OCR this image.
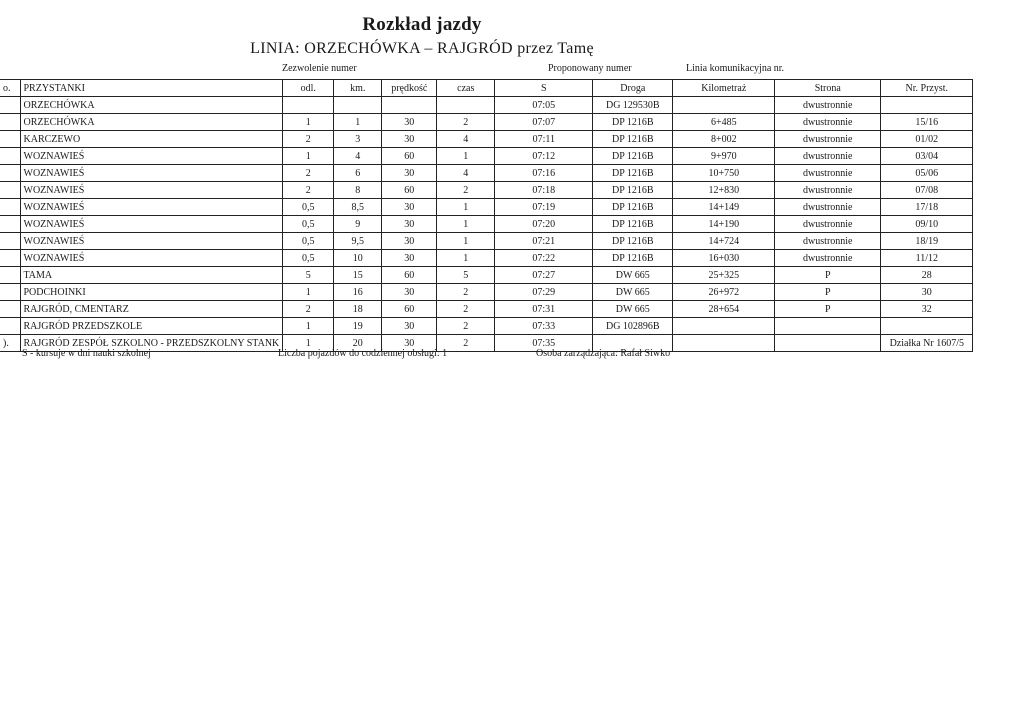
Rozkład jazdy
LINIA: ORZECHÓWKA – RAJGRÓD przez Tamę
Zezwolenie numer	Proponowany numer	Linia komunikacyjna nr.
o.	PRZYSTANKI	odl.	km.	prędkość	czas	S	Droga	Kilometraż	Strona	Nr. Przyst.
	ORZECHÓWKA					07:05	DG 129530B		dwustronnie	
	ORZECHÓWKA	1	1	30	2	07:07	DP 1216B	6+485	dwustronnie	15/16
	KARCZEWO	2	3	30	4	07:11	DP 1216B	8+002	dwustronnie	01/02
	WOZNAWIEŚ	1	4	60	1	07:12	DP 1216B	9+970	dwustronnie	03/04
	WOZNAWIEŚ	2	6	30	4	07:16	DP 1216B	10+750	dwustronnie	05/06
	WOZNAWIEŚ	2	8	60	2	07:18	DP 1216B	12+830	dwustronnie	07/08
	WOZNAWIEŚ	0,5	8,5	30	1	07:19	DP 1216B	14+149	dwustronnie	17/18
	WOZNAWIEŚ	0,5	9	30	1	07:20	DP 1216B	14+190	dwustronnie	09/10
	WOZNAWIEŚ	0,5	9,5	30	1	07:21	DP 1216B	14+724	dwustronnie	18/19
	WOZNAWIEŚ	0,5	10	30	1	07:22	DP 1216B	16+030	dwustronnie	11/12
	TAMA	5	15	60	5	07:27	DW 665	25+325	P	28
	PODCHOINKI	1	16	30	2	07:29	DW 665	26+972	P	30
	RAJGRÓD, CMENTARZ	2	18	60	2	07:31	DW 665	28+654	P	32
	RAJGRÓD PRZEDSZKOLE	1	19	30	2	07:33	DG 102896B			
).	RAJGRÓD ZESPÓŁ SZKOLNO - PRZEDSZKOLNY STANK	1	20	30	2	07:35				Działka Nr 1607/5
S - kursuje w dni nauki szkolnej	Liczba pojazdów do codziennej obsługi: 1	Osoba zarządzająca: Rafał Siwko
